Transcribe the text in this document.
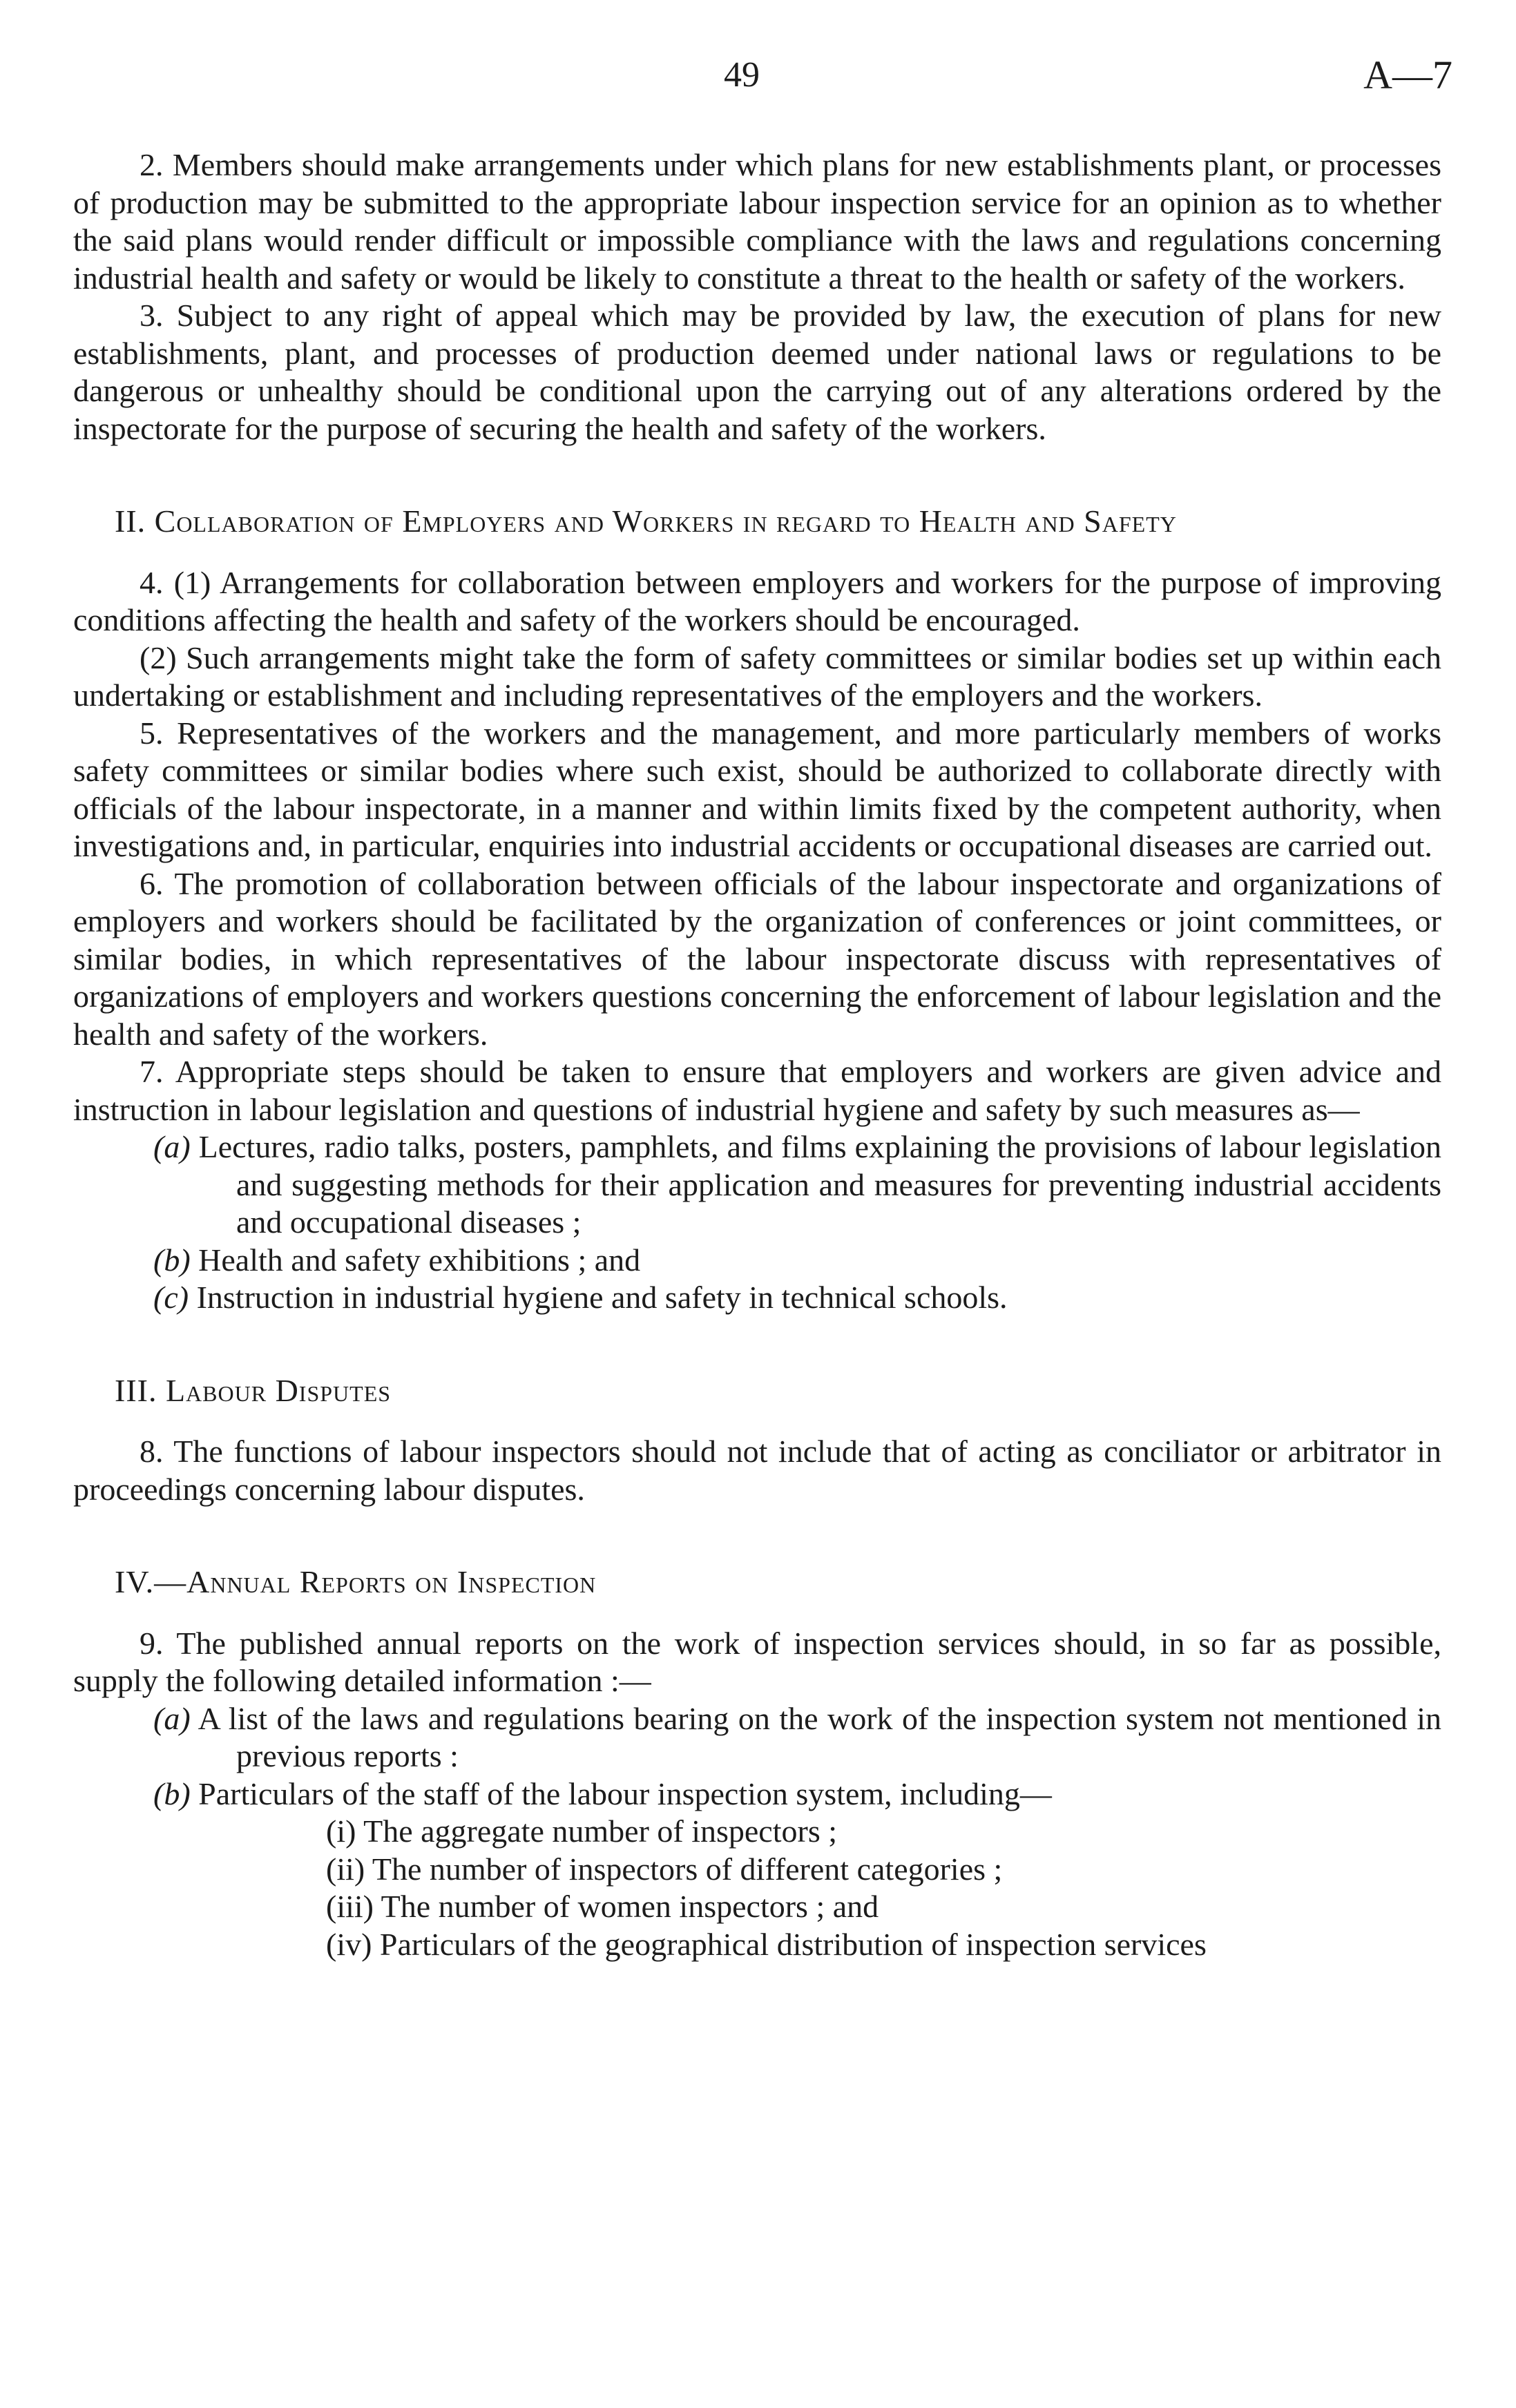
49	A—7

2. Members should make arrangements under which plans for new establishments plant, or processes of production may be submitted to the appropriate labour inspection service for an opinion as to whether the said plans would render difficult or impossible compliance with the laws and regulations concerning industrial health and safety or would be likely to constitute a threat to the health or safety of the workers.

3. Subject to any right of appeal which may be provided by law, the execution of plans for new establishments, plant, and processes of production deemed under national laws or regulations to be dangerous or unhealthy should be conditional upon the carrying out of any alterations ordered by the inspectorate for the purpose of securing the health and safety of the workers.

II. Collaboration of Employers and Workers in regard to Health and Safety

4. (1) Arrangements for collaboration between employers and workers for the purpose of improving conditions affecting the health and safety of the workers should be encouraged.

(2) Such arrangements might take the form of safety committees or similar bodies set up within each undertaking or establishment and including representatives of the employers and the workers.

5. Representatives of the workers and the management, and more particularly members of works safety committees or similar bodies where such exist, should be authorized to collaborate directly with officials of the labour inspectorate, in a manner and within limits fixed by the competent authority, when investigations and, in particular, enquiries into industrial accidents or occupational diseases are carried out.

6. The promotion of collaboration between officials of the labour inspectorate and organizations of employers and workers should be facilitated by the organization of conferences or joint committees, or similar bodies, in which representatives of the labour inspectorate discuss with representatives of organizations of employers and workers questions concerning the enforcement of labour legislation and the health and safety of the workers.

7. Appropriate steps should be taken to ensure that employers and workers are given advice and instruction in labour legislation and questions of industrial hygiene and safety by such measures as—

(a) Lectures, radio talks, posters, pamphlets, and films explaining the provisions of labour legislation and suggesting methods for their application and measures for preventing industrial accidents and occupational diseases ;

(b) Health and safety exhibitions ; and

(c) Instruction in industrial hygiene and safety in technical schools.

III. Labour Disputes

8. The functions of labour inspectors should not include that of acting as conciliator or arbitrator in proceedings concerning labour disputes.

IV.—Annual Reports on Inspection

9. The published annual reports on the work of inspection services should, in so far as possible, supply the following detailed information :—

(a) A list of the laws and regulations bearing on the work of the inspection system not mentioned in previous reports :

(b) Particulars of the staff of the labour inspection system, including—

(i) The aggregate number of inspectors ;

(ii) The number of inspectors of different categories ;

(iii) The number of women inspectors ; and

(iv) Particulars of the geographical distribution of inspection services
